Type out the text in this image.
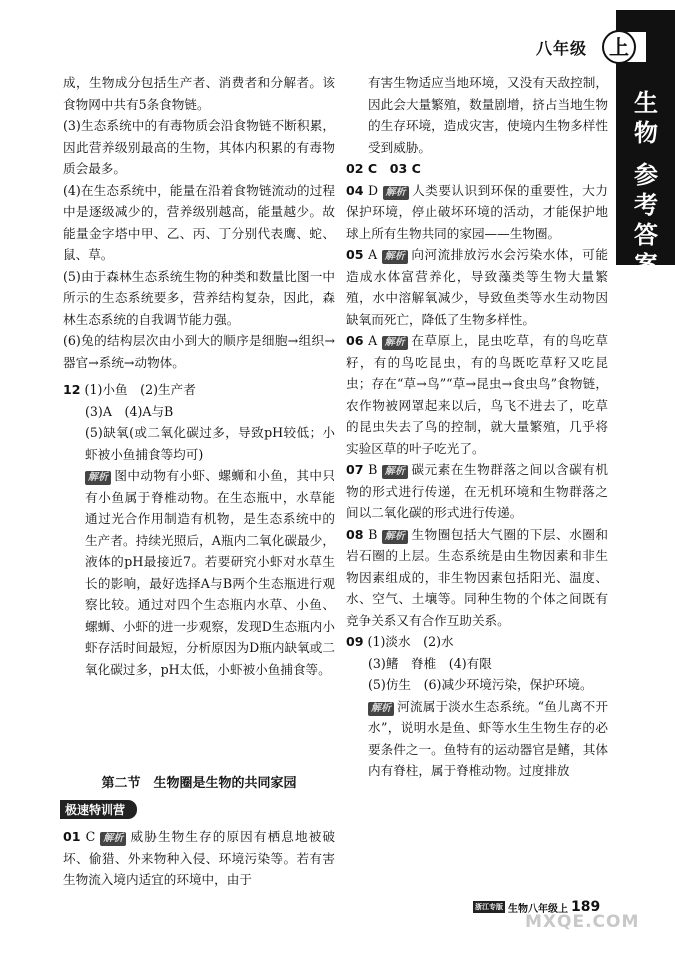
生物
参考答案
八年级	上

成，生物成分包括生产者、消费者和分解者。该食物网中共有5条食物链。

(3)生态系统中的有毒物质会沿食物链不断积累，因此营养级别最高的生物，其体内积累的有毒物质会最多。

(4)在生态系统中，能量在沿着食物链流动的过程中是逐级减少的，营养级别越高，能量越少。故能量金字塔中甲、乙、丙、丁分别代表鹰、蛇、鼠、草。

(5)由于森林生态系统生物的种类和数量比图一中所示的生态系统要多，营养结构复杂，因此，森林生态系统的自我调节能力强。

(6)兔的结构层次由小到大的顺序是细胞→组织→器官→系统→动物体。

12 (1)小鱼　(2)生产者

(3)A　(4)A与B

(5)缺氧(或二氧化碳过多，导致pH较低；小虾被小鱼捕食等均可)

解析 图中动物有小虾、螺蛳和小鱼，其中只有小鱼属于脊椎动物。在生态瓶中，水草能通过光合作用制造有机物，是生态系统中的生产者。持续光照后，A瓶内二氧化碳最少，液体的pH最接近7。若要研究小虾对水草生长的影响，最好选择A与B两个生态瓶进行观察比较。通过对四个生态瓶内水草、小鱼、螺蛳、小虾的进一步观察，发现D生态瓶内小虾存活时间最短，分析原因为D瓶内缺氧或二氧化碳过多，pH太低，小虾被小鱼捕食等。

第二节　生物圈是生物的共同家园
极速特训营

01 C 解析 威胁生物生存的原因有栖息地被破坏、偷猎、外来物种入侵、环境污染等。若有害生物流入境内适宜的环境中，由于

有害生物适应当地环境，又没有天敌控制，因此会大量繁殖，数量剧增，挤占当地生物的生存环境，造成灾害，使境内生物多样性受到威胁。

02 C　03 C

04 D 解析 人类要认识到环保的重要性，大力保护环境，停止破坏环境的活动，才能保护地球上所有生物共同的家园——生物圈。

05 A 解析 向河流排放污水会污染水体，可能造成水体富营养化，导致藻类等生物大量繁殖，水中溶解氧减少，导致鱼类等水生动物因缺氧而死亡，降低了生物多样性。

06 A 解析 在草原上，昆虫吃草，有的鸟吃草籽，有的鸟吃昆虫，有的鸟既吃草籽又吃昆虫；存在“草→鸟”“草→昆虫→食虫鸟”食物链，农作物被网罩起来以后，鸟飞不进去了，吃草的昆虫失去了鸟的控制，就大量繁殖，几乎将实验区草的叶子吃光了。

07 B 解析 碳元素在生物群落之间以含碳有机物的形式进行传递，在无机环境和生物群落之间以二氧化碳的形式进行传递。

08 B 解析 生物圈包括大气圈的下层、水圈和岩石圈的上层。生态系统是由生物因素和非生物因素组成的，非生物因素包括阳光、温度、水、空气、土壤等。同种生物的个体之间既有竞争关系又有合作互助关系。

09 (1)淡水　(2)水

(3)鳍　脊椎　(4)有限

(5)仿生　(6)减少环境污染，保护环境。

解析 河流属于淡水生态系统。“鱼儿离不开水”，说明水是鱼、虾等水生生物生存的必要条件之一。鱼特有的运动器官是鳍，其体内有脊柱，属于脊椎动物。过度排放

浙江专版 生物八年级上 189
MXQE.COM
